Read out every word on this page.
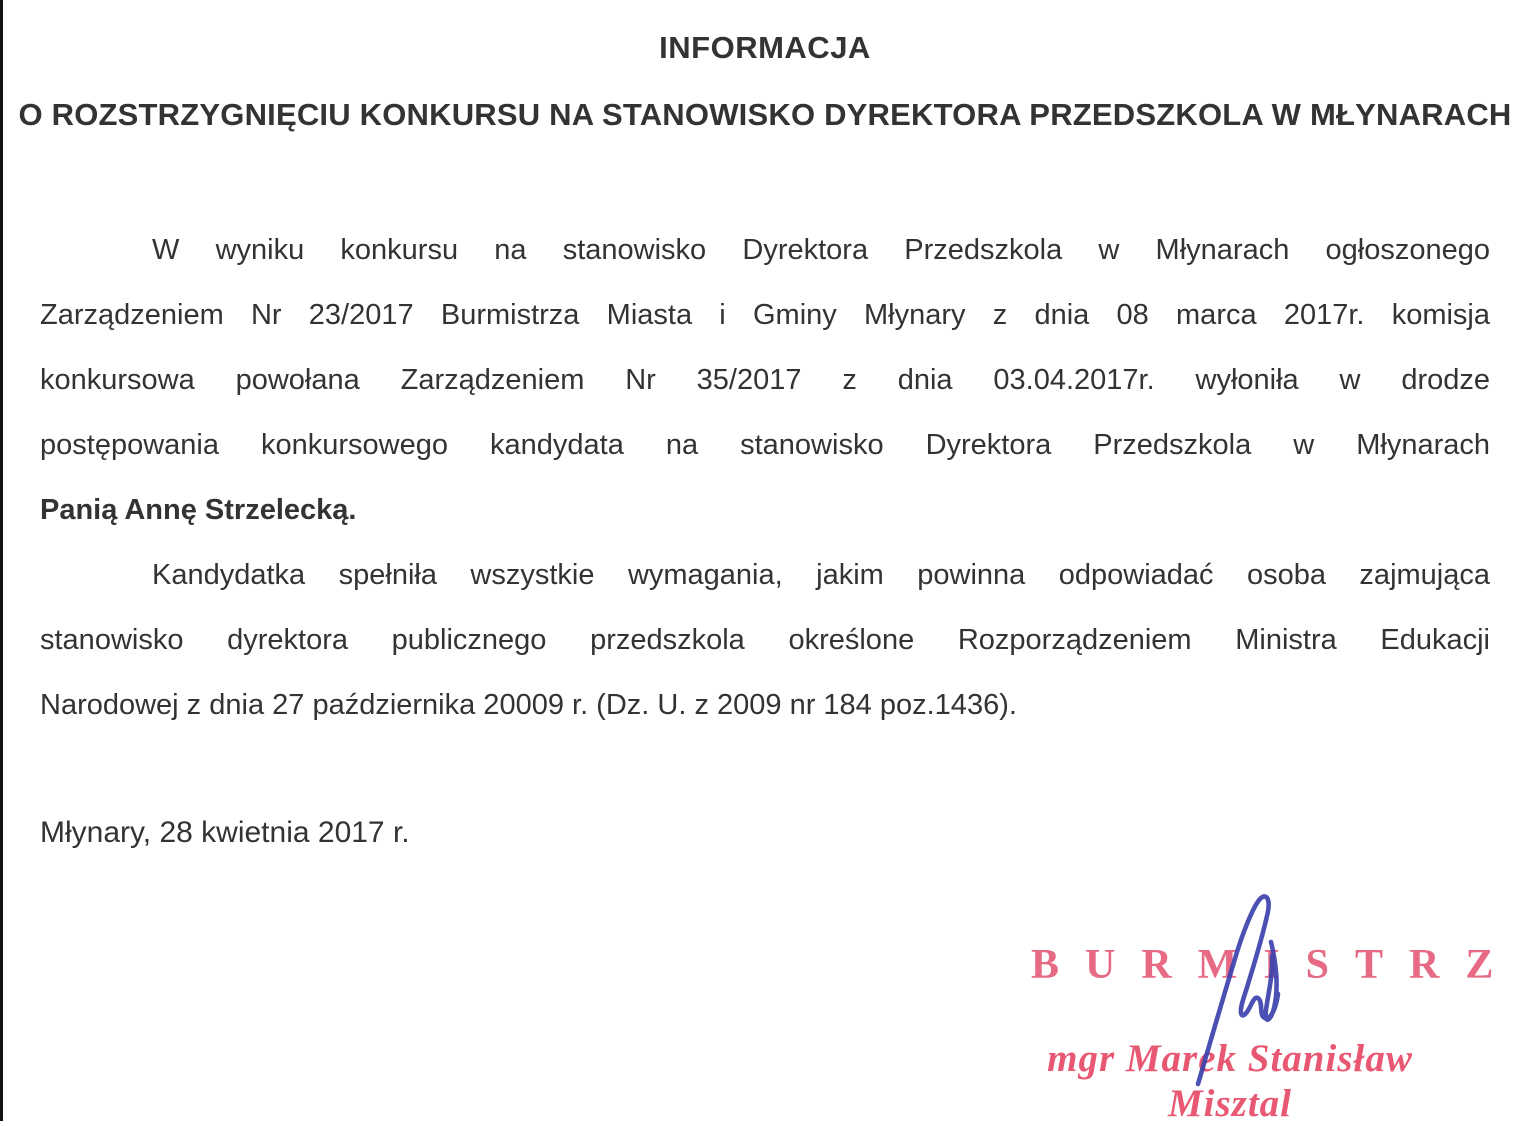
INFORMACJA
O ROZSTRZYGNIĘCIU KONKURSU NA STANOWISKO DYREKTORA PRZEDSZKOLA W MŁYNARACH
W wyniku konkursu na stanowisko Dyrektora Przedszkola w Młynarach ogłoszonego
Zarządzeniem Nr 23/2017 Burmistrza Miasta i Gminy Młynary z dnia 08 marca 2017r. komisja
konkursowa powołana Zarządzeniem Nr 35/2017 z dnia 03.04.2017r. wyłoniła w drodze
postępowania konkursowego kandydata na stanowisko Dyrektora Przedszkola w Młynarach
Panią Annę Strzelecką.
Kandydatka spełniła wszystkie wymagania, jakim powinna odpowiadać osoba zajmująca
stanowisko dyrektora publicznego przedszkola określone Rozporządzeniem Ministra Edukacji
Narodowej z dnia 27 października 20009 r. (Dz. U. z 2009 nr 184 poz.1436).
Młynary, 28 kwietnia 2017 r.
BURMISTRZ
mgr Marek Stanisław Misztal
